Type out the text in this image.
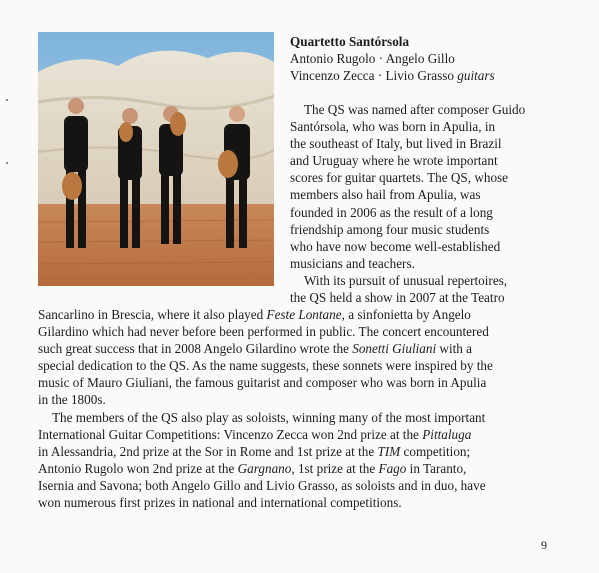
Quartetto Santórsola
Antonio Rugolo · Angelo Gillo
Vincenzo Zecca · Livio Grasso guitars
The QS was named after composer Guido
Santórsola, who was born in Apulia, in
the southeast of Italy, but lived in Brazil
and Uruguay where he wrote important
scores for guitar quartets. The QS, whose
members also hail from Apulia, was
founded in 2006 as the result of a long
friendship among four music students
who have now become well-established
musicians and teachers.
With its pursuit of unusual repertoires,
the QS held a show in 2007 at the Teatro
Sancarlino in Brescia, where it also played Feste Lontane, a sinfonietta by Angelo
Gilardino which had never before been performed in public. The concert encountered
such great success that in 2008 Angelo Gilardino wrote the Sonetti Giuliani with a
special dedication to the QS. As the name suggests, these sonnets were inspired by the
music of Mauro Giuliani, the famous guitarist and composer who was born in Apulia
in the 1800s.
The members of the QS also play as soloists, winning many of the most important
International Guitar Competitions: Vincenzo Zecca won 2nd prize at the Pittaluga
in Alessandria, 2nd prize at the Sor in Rome and 1st prize at the TIM competition;
Antonio Rugolo won 2nd prize at the Gargnano, 1st prize at the Fago in Taranto,
Isernia and Savona; both Angelo Gillo and Livio Grasso, as soloists and in duo, have
won numerous first prizes in national and international competitions.
9
